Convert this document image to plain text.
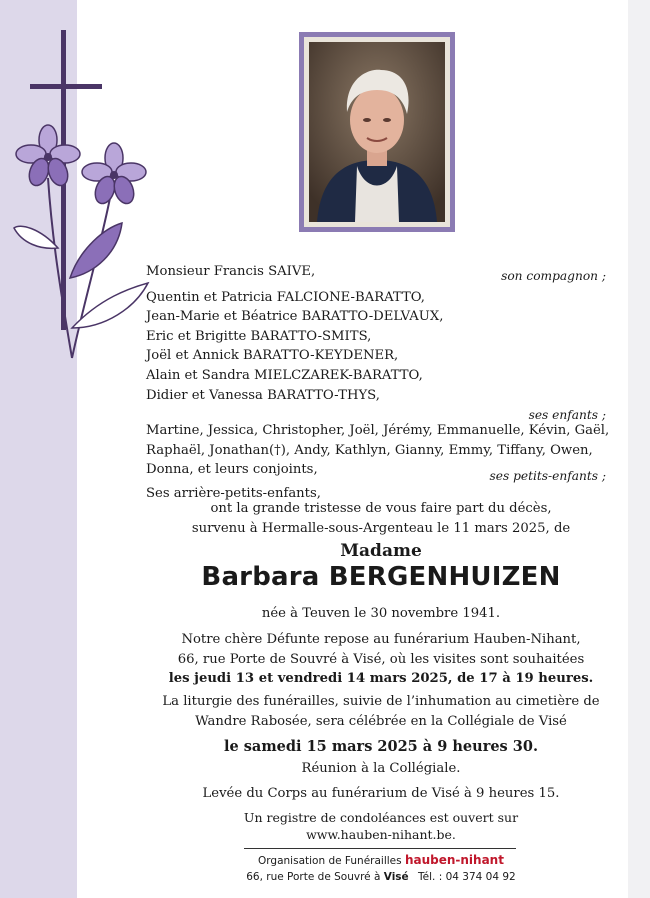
Monsieur Francis SAIVE,	son compagnon ;
Quentin et Patricia FALCIONE-BARATTO,
Jean-Marie et Béatrice BARATTO-DELVAUX,
Eric et Brigitte BARATTO-SMITS,
Joël et Annick BARATTO-KEYDENER,
Alain et Sandra MIELCZAREK-BARATTO,
Didier et Vanessa BARATTO-THYS,
ses enfants ;
Martine, Jessica, Christopher, Joël, Jérémy, Emmanuelle, Kévin, Gaël,
Raphaël, Jonathan(†), Andy, Kathlyn, Gianny, Emmy, Tiffany, Owen,
Donna, et leurs conjoints,	ses petits-enfants ;
Ses arrière-petits-enfants,
ont la grande tristesse de vous faire part du décès,
survenu à Hermalle-sous-Argenteau le 11 mars 2025, de
Madame
Barbara BERGENHUIZEN
née à Teuven le 30 novembre 1941.
Notre chère Défunte repose au funérarium Hauben-Nihant,
66, rue Porte de Souvré à Visé, où les visites sont souhaitées
les jeudi 13 et vendredi 14 mars 2025, de 17 à 19 heures.
La liturgie des funérailles, suivie de l’inhumation au cimetière de
Wandre Rabosée, sera célébrée en la Collégiale de Visé
le samedi 15 mars 2025 à 9 heures 30.
Réunion à la Collégiale.
Levée du Corps au funérarium de Visé à 9 heures 15.
Un registre de condoléances est ouvert sur
www.hauben-nihant.be.
Organisation de Funérailles hauben-nihant
66, rue Porte de Souvré à Visé Tél. : 04 374 04 92
